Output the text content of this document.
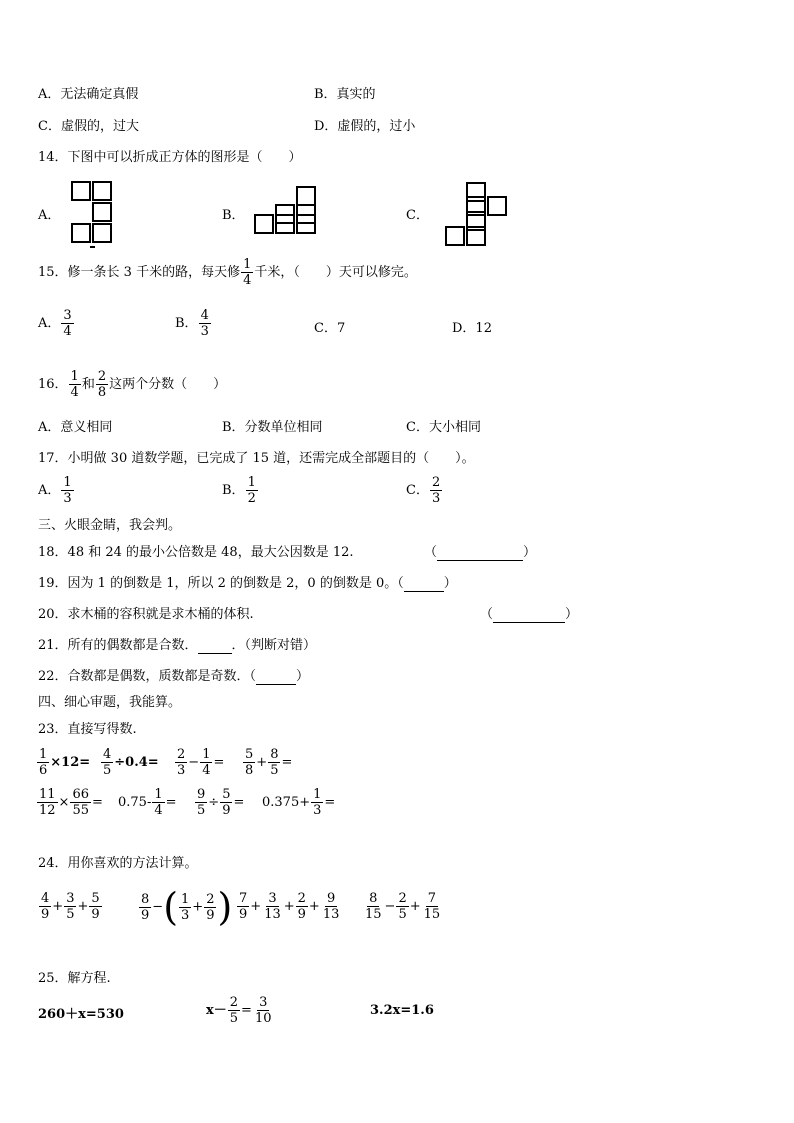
A．无法确定真假	B．真实的
C．虚假的，过大	D．虚假的，过小
14．下图中可以折成正方体的图形是（　　）
A．	B．	C．
15．修一条长 3 千米的路，每天修 $\frac{1}{4}$ 千米，（　　）天可以修完。
A． $\frac{3}{4}$	B． $\frac{4}{3}$	C．7	D．12
16． $\frac{1}{4}$ 和 $\frac{2}{8}$ 这两个分数（　　）
A．意义相同	B．分数单位相同	C．大小相同
17．小明做 30 道数学题，已完成了 15 道，还需完成全部题目的（　　）。
A． $\frac{1}{3}$	B． $\frac{1}{2}$	C． $\frac{2}{3}$
三、火眼金睛，我会判。
18．48 和 24 的最小公倍数是 48，最大公因数是 12.	（	）
19．因为 1 的倒数是 1，所以 2 的倒数是 2，0 的倒数是 0。（	）
20．求木桶的容积就是求木桶的体积.	（	）
21．所有的偶数都是合数．	．（判断对错）
22．合数都是偶数，质数都是奇数．（	）
四、细心审题，我能算。
23．直接写得数.
$\frac{1}{6} \times 12= \frac{4}{5} \div 0.4= \frac{2}{3} - \frac{1}{4} = \frac{5}{8} + \frac{8}{5}$ =
$\frac{11}{12} \times \frac{66}{55} = 0.75- \frac{1}{4} = \frac{9}{5} \div \frac{5}{9} = 0.375+ \frac{1}{3}$ =
24．用你喜欢的方法计算。
$\frac{4}{9} + \frac{3}{5} + \frac{5}{9}$	$\frac{8}{9}$ −( $\frac{1}{3} + \frac{2}{9}$ ) $\frac{7}{9} + \frac{3}{13} + \frac{2}{9} + \frac{9}{13} \frac{8}{15} - \frac{2}{5} + \frac{7}{15}$
25．解方程.
260＋x=530	$x- \frac{2}{5} = \frac{3}{10}$	3.2x=1.6
